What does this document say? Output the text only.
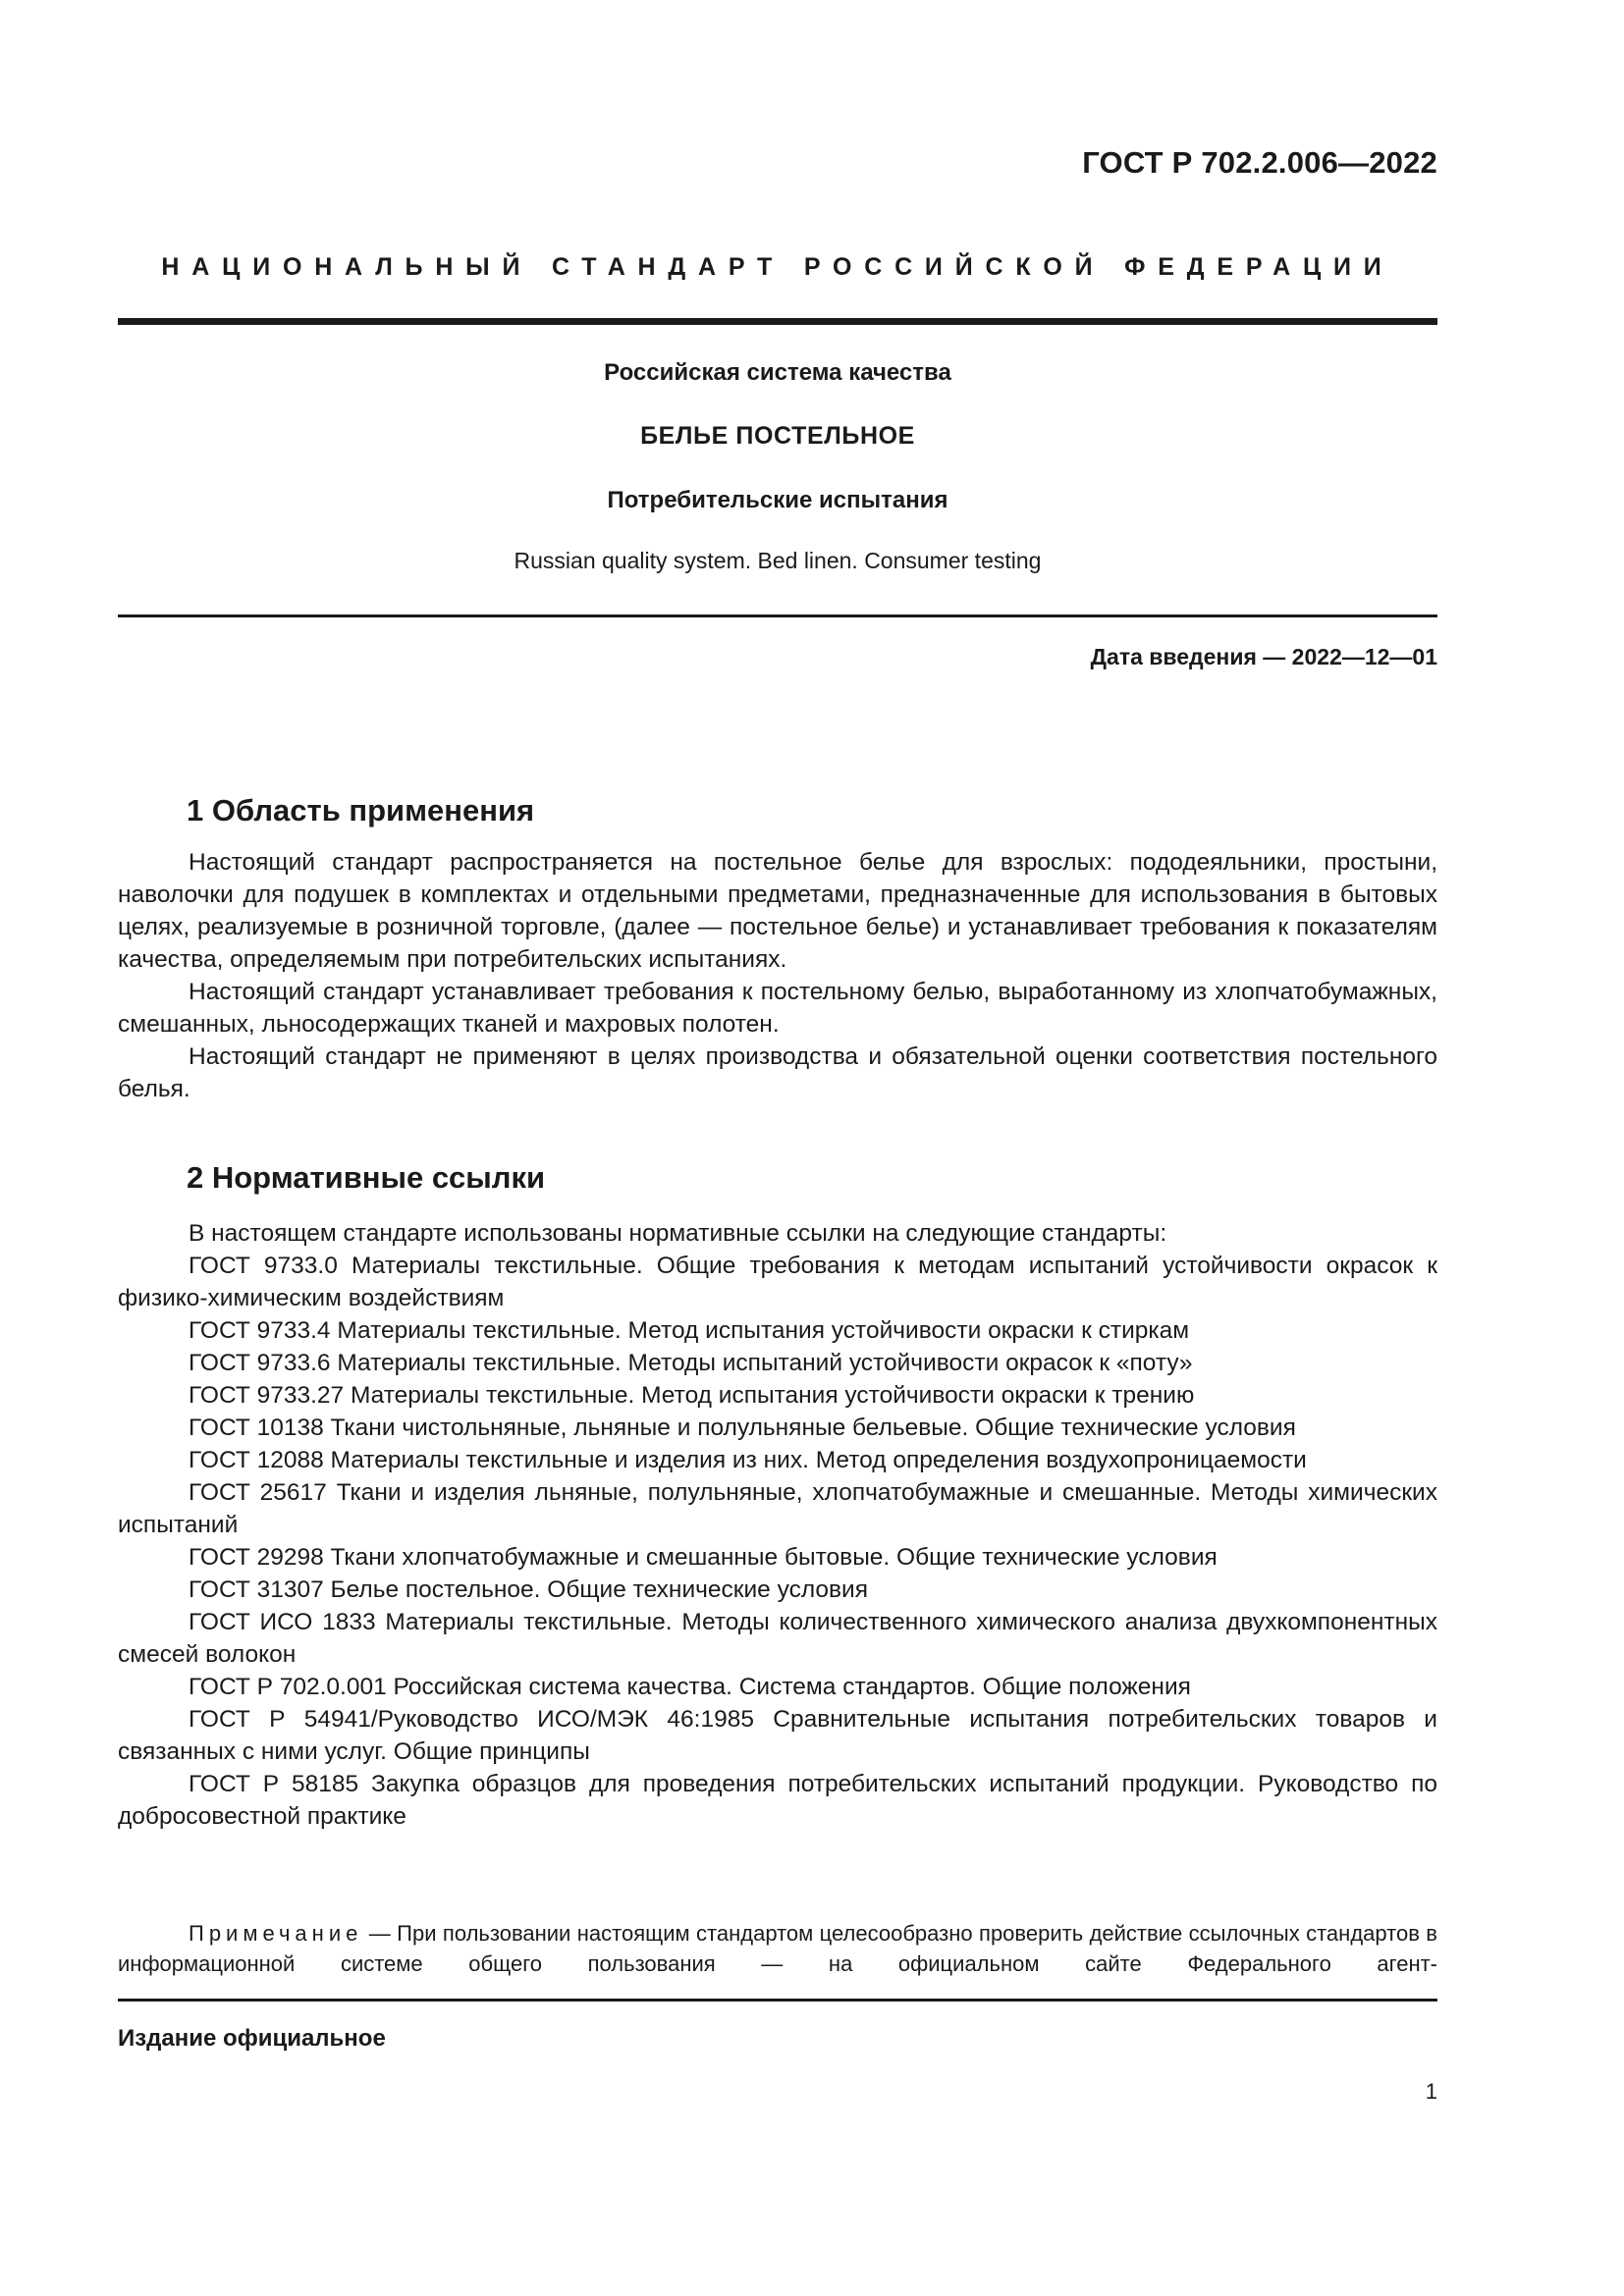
ГОСТ Р 702.2.006—2022
НАЦИОНАЛЬНЫЙ СТАНДАРТ РОССИЙСКОЙ ФЕДЕРАЦИИ
Российская система качества
БЕЛЬЕ ПОСТЕЛЬНОЕ
Потребительские испытания
Russian quality system. Bed linen. Consumer testing
Дата введения — 2022—12—01
1 Область применения

Настоящий стандарт распространяется на постельное белье для взрослых: пододеяльники, простыни, наволочки для подушек в комплектах и отдельными предметами, предназначенные для использования в бытовых целях, реализуемые в розничной торговле, (далее — постельное белье) и устанавливает требования к показателям качества, определяемым при потребительских испытаниях.

Настоящий стандарт устанавливает требования к постельному белью, выработанному из хлопчатобумажных, смешанных, льносодержащих тканей и махровых полотен.

Настоящий стандарт не применяют в целях производства и обязательной оценки соответствия постельного белья.

2 Нормативные ссылки

В настоящем стандарте использованы нормативные ссылки на следующие стандарты:

ГОСТ 9733.0 Материалы текстильные. Общие требования к методам испытаний устойчивости окрасок к физико-химическим воздействиям

ГОСТ 9733.4 Материалы текстильные. Метод испытания устойчивости окраски к стиркам

ГОСТ 9733.6 Материалы текстильные. Методы испытаний устойчивости окрасок к «поту»

ГОСТ 9733.27 Материалы текстильные. Метод испытания устойчивости окраски к трению

ГОСТ 10138 Ткани чистольняные, льняные и полульняные бельевые. Общие технические условия

ГОСТ 12088 Материалы текстильные и изделия из них. Метод определения воздухопроницаемости

ГОСТ 25617 Ткани и изделия льняные, полульняные, хлопчатобумажные и смешанные. Методы химических испытаний

ГОСТ 29298 Ткани хлопчатобумажные и смешанные бытовые. Общие технические условия

ГОСТ 31307 Белье постельное. Общие технические условия

ГОСТ ИСО 1833 Материалы текстильные. Методы количественного химического анализа двухкомпонентных смесей волокон

ГОСТ Р 702.0.001 Российская система качества. Система стандартов. Общие положения

ГОСТ Р 54941/Руководство ИСО/МЭК 46:1985 Сравнительные испытания потребительских товаров и связанных с ними услуг. Общие принципы

ГОСТ Р 58185 Закупка образцов для проведения потребительских испытаний продукции. Руководство по добросовестной практике

Примечание — При пользовании настоящим стандартом целесообразно проверить действие ссылочных стандартов в информационной системе общего пользования — на официальном сайте Федерального агент-
Издание официальное
1
